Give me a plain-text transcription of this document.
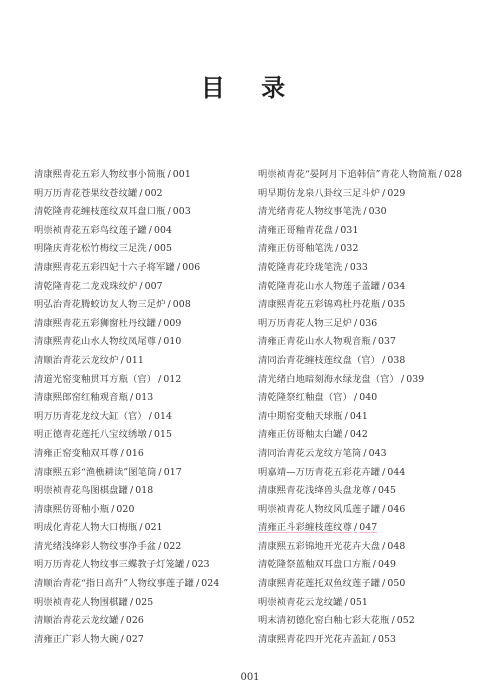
目 录
清康熙青花五彩人物纹事小简瓶 / 001
明万历青花苍果纹苍纹罐 / 002
清乾隆青花缠枝莲纹双耳盘口瓶 / 003
明崇祯青花五彩鸟纹莲子罐 / 004
明隆庆青花松竹梅纹三足洗 / 005
清康熙青花五彩四妃十六子将军罐 / 006
清乾隆青花二龙戏珠纹炉 / 007
明弘治青花腾蛟访友人物三足炉 / 008
清康熙青花五彩狮窗杜丹纹罐 / 009
清康熙青花山水人物纹凤尾尊 / 010
清顺治青花云龙纹炉 / 011
清道光窑变釉贯耳方瓶（官） / 012
清康熙郎窑红釉观音瓶 / 013
明万历青花龙纹大缸（官） / 014
明正德青花莲托八宝纹绣墩 / 015
清雍正窑变釉双耳尊 / 016
清康熙五彩“渔樵耕读”图笔筒 / 017
明崇祯青花鸟图棋盘罐 / 018
清康熙仿哥釉小瓶 / 020
明成化青花人物大口梅瓶 / 021
清光绪浅绛彩人物纹事净手盆 / 022
明万历青花人物纹事三蝶教子灯笼罐 / 023
清顺治青花“指日高升”人物纹事莲子罐 / 024
明崇祯青花人物围棋罐 / 025
清顺治青花云龙纹罐 / 026
清雍正广彩人物大碗 / 027
明崇祯青花“晏阿月下追韩信”青花人物简瓶 / 028
明早期仿龙泉八卦纹三足斗炉 / 029
清光绪青花人物纹事笔洗 / 030
清雍正哥釉青花盘 / 031
清雍正仿哥釉笔洗 / 032
清乾隆青花玲珑笔洗 / 033
清乾隆青花山水人物莲子盖罐 / 034
清康熙青花五彩锦鸡杜丹花瓶 / 035
明万历青花人物三足炉 / 036
清雍正青花山水人物观音瓶 / 037
清同治青花缠枝莲纹盘（官） / 038
清光绪白地暗刻海水绿龙盘（官） / 039
清乾隆祭红釉盘（官） / 040
清中期窑变釉天球瓶 / 041
清雍正仿哥釉太白罐 / 042
清同治青花云龙纹方笔筒 / 043
明嘉靖—万历青花五彩花卉罐 / 044
清康熙青花浅绛兽头盘龙尊 / 045
明崇祯青花人物纹风瓜莲子罐 / 046
清雍正斗彩缠枝莲纹尊 / 047
清康熙五彩锦地开光花卉大盘 / 048
清乾隆祭蓝釉双耳盘口方瓶 / 049
清康熙青花莲托双鱼纹莲子罐 / 050
明崇祯青花云龙纹罐 / 051
明末清初德化窑白釉七彩大花瓶 / 052
清康熙青花四开光花卉盖缸 / 053
001
